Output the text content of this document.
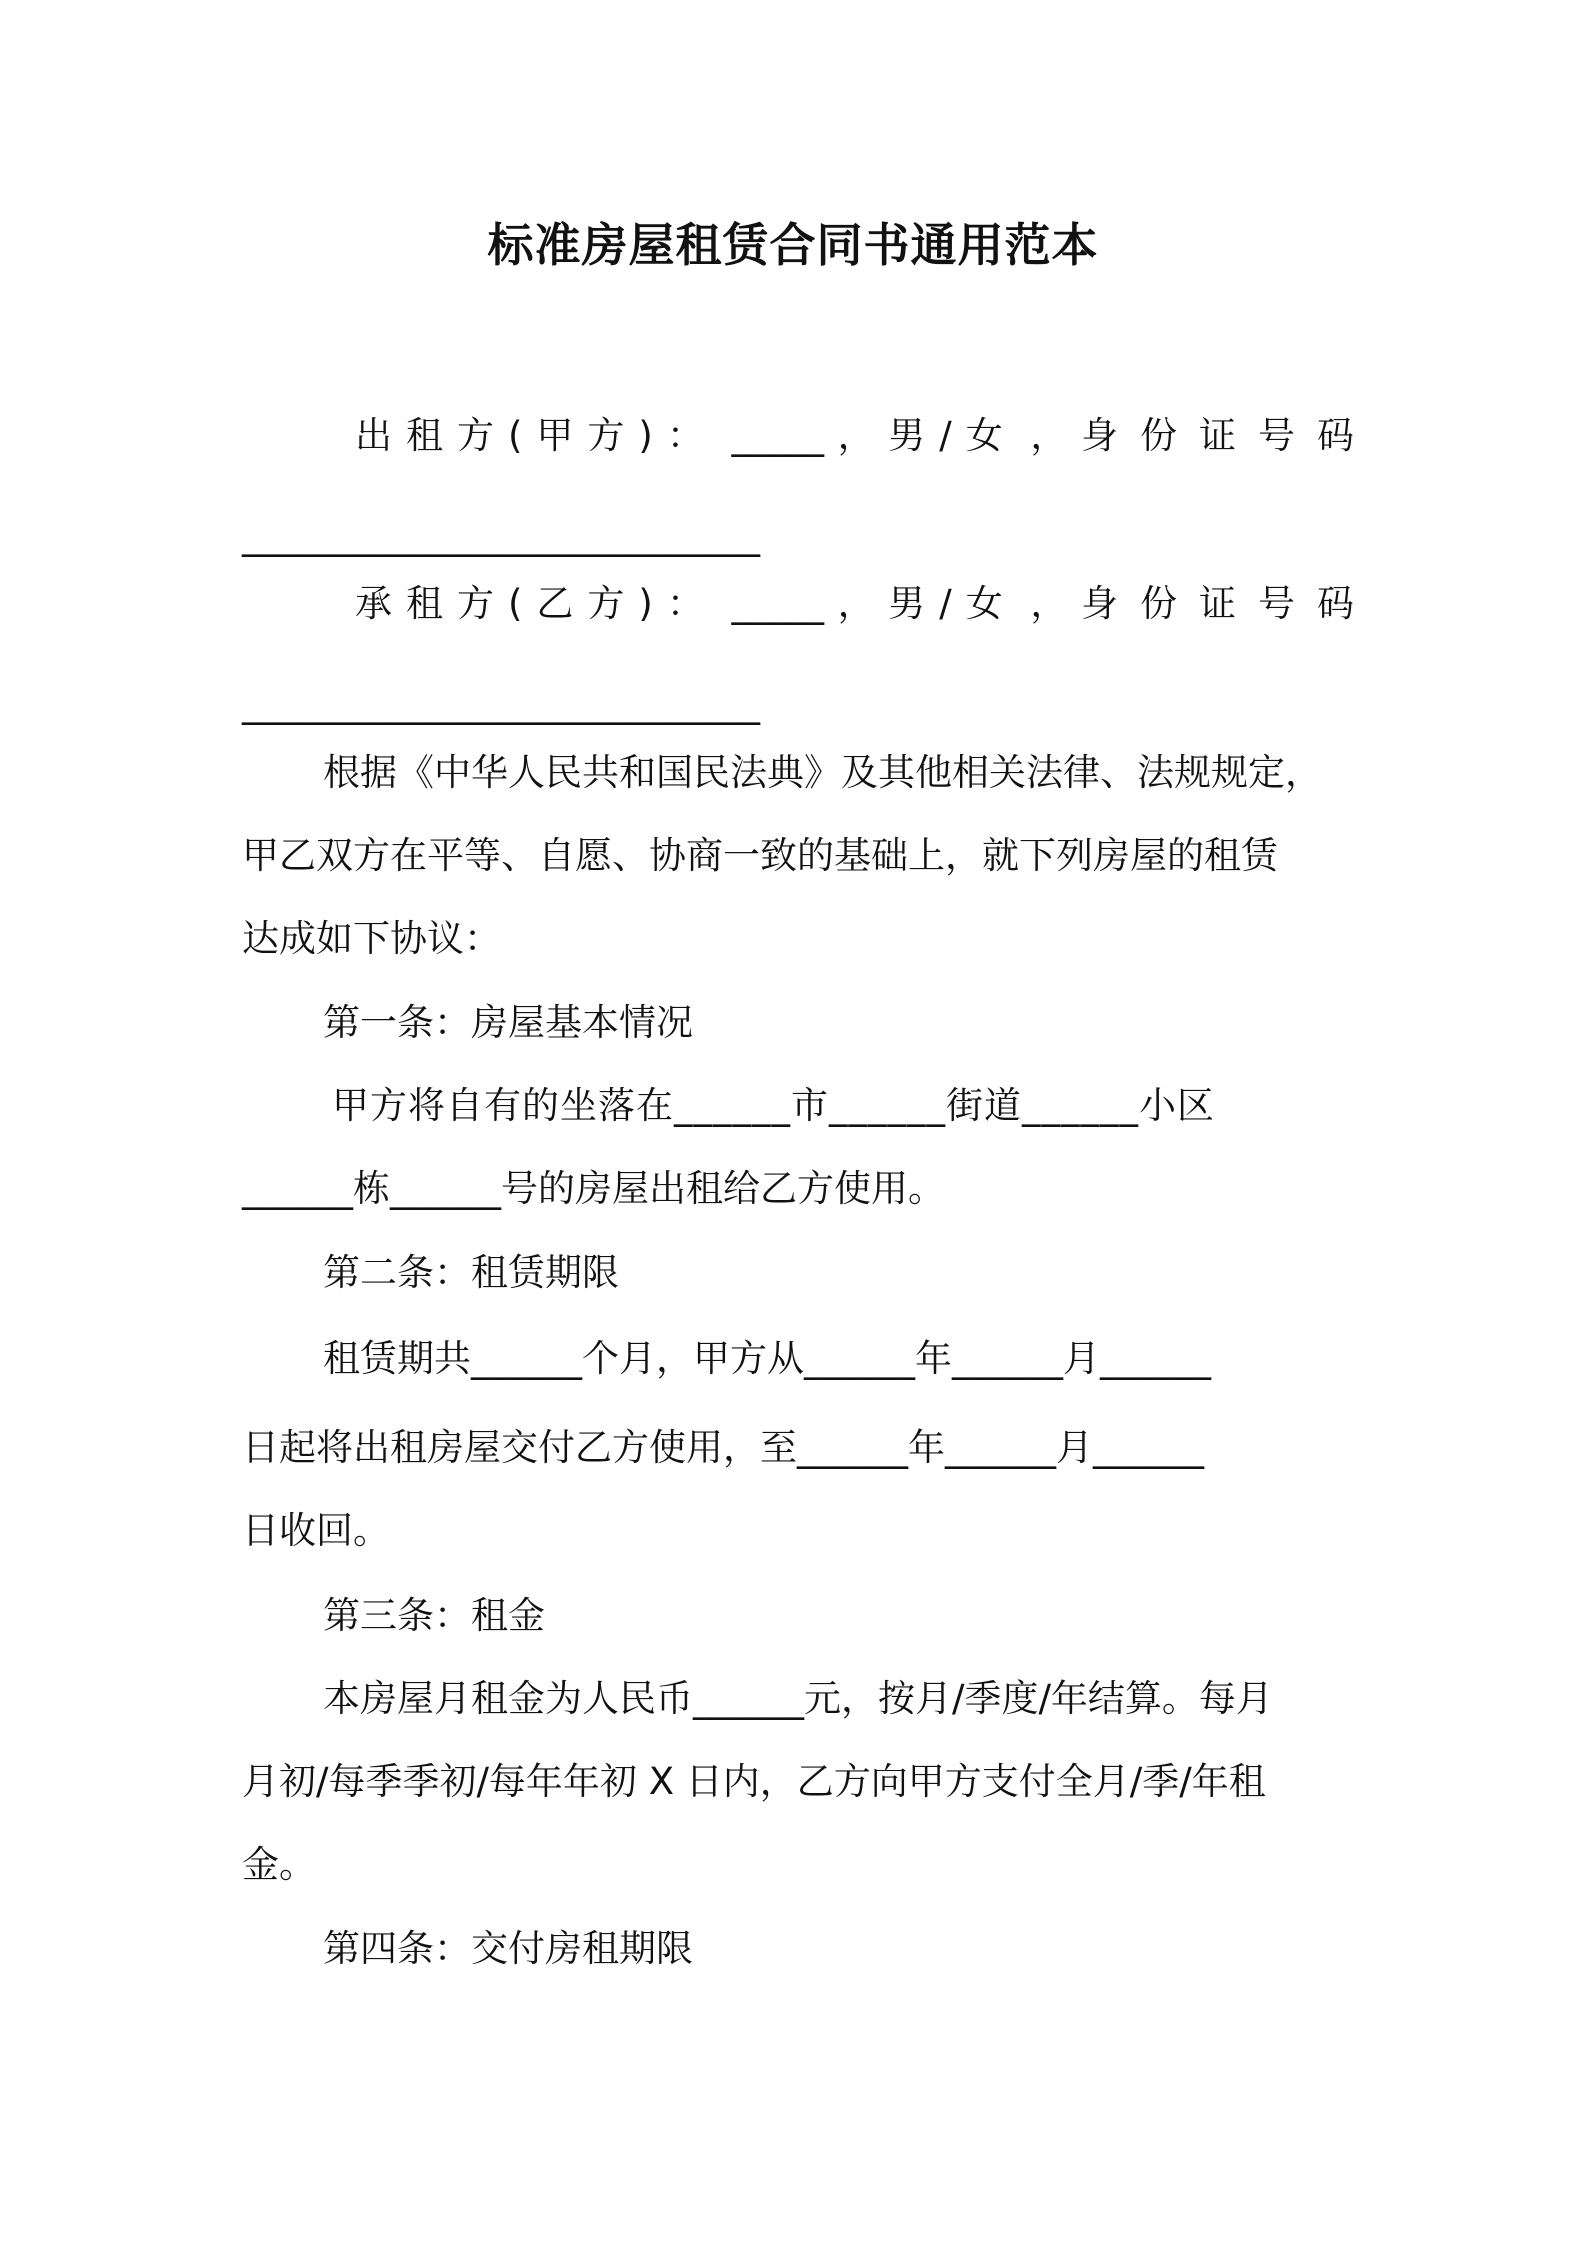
标准房屋租赁合同书通用范本
出租方(甲方)： _____ ， 男/女 ， 身份证号码
____________________________
承租方(乙方)： _____ ， 男/女 ， 身份证号码
____________________________
根据《中华人民共和国民法典》及其他相关法律、法规规定，
甲乙双方在平等、自愿、协商一致的基础上，就下列房屋的租赁
达成如下协议：
第一条：房屋基本情况
甲方将自有的坐落在______市______街道______小区
______栋______号的房屋出租给乙方使用。
第二条：租赁期限
租赁期共______个月，甲方从______年______月______
日起将出租房屋交付乙方使用，至______年______月______
日收回。
第三条：租金
本房屋月租金为人民币______元，按月/季度/年结算。每月
月初/每季季初/每年年初 X 日内，乙方向甲方支付全月/季/年租
金。
第四条：交付房租期限
